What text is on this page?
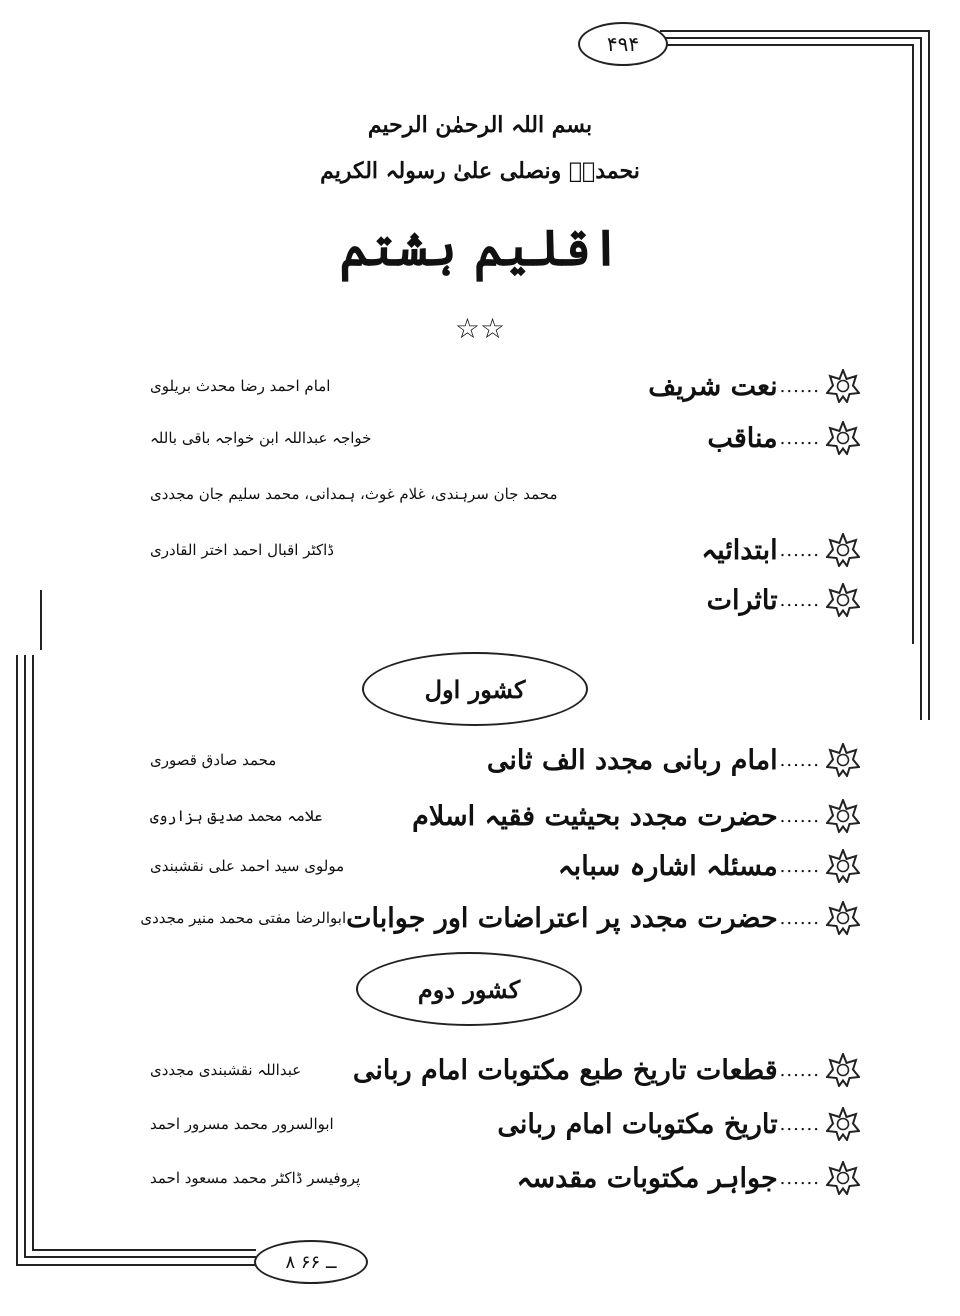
۴۹۴
۸ ــ ۶۶
بسم اللہ الرحمٰن الرحیم
نحمدہٗ ونصلی علیٰ رسولہ الکریم
اقلیم ہشتم
☆☆
......
نعت شریف
امام احمد رضا محدث بریلوی
......
مناقب
خواجہ عبداللہ ابن خواجہ باقی باللہ
محمد جان سرہندی، غلام غوث، ہمدانی، محمد سلیم جان مجددی
......
ابتدائیہ
ڈاکٹر اقبال احمد اختر القادری
......
تاثرات
کشور اول
......
امام ربانی مجدد الف ثانی
محمد صادق قصوری
......
حضرت مجدد بحیثیت فقیہ اسلام
علامہ محمد صدیق ہزاروی
......
مسئلہ اشارہ سبابہ
مولوی سید احمد علی نقشبندی
......
حضرت مجدد پر اعتراضات اور جوابات
ابوالرضا مفتی محمد منیر مجددی
کشور دوم
......
قطعات تاریخ طبع مکتوبات امام ربانی
عبداللہ نقشبندی مجددی
......
تاریخ مکتوبات امام ربانی
ابوالسرور محمد مسرور احمد
......
جواہر مکتوبات مقدسہ
پروفیسر ڈاکٹر محمد مسعود احمد
